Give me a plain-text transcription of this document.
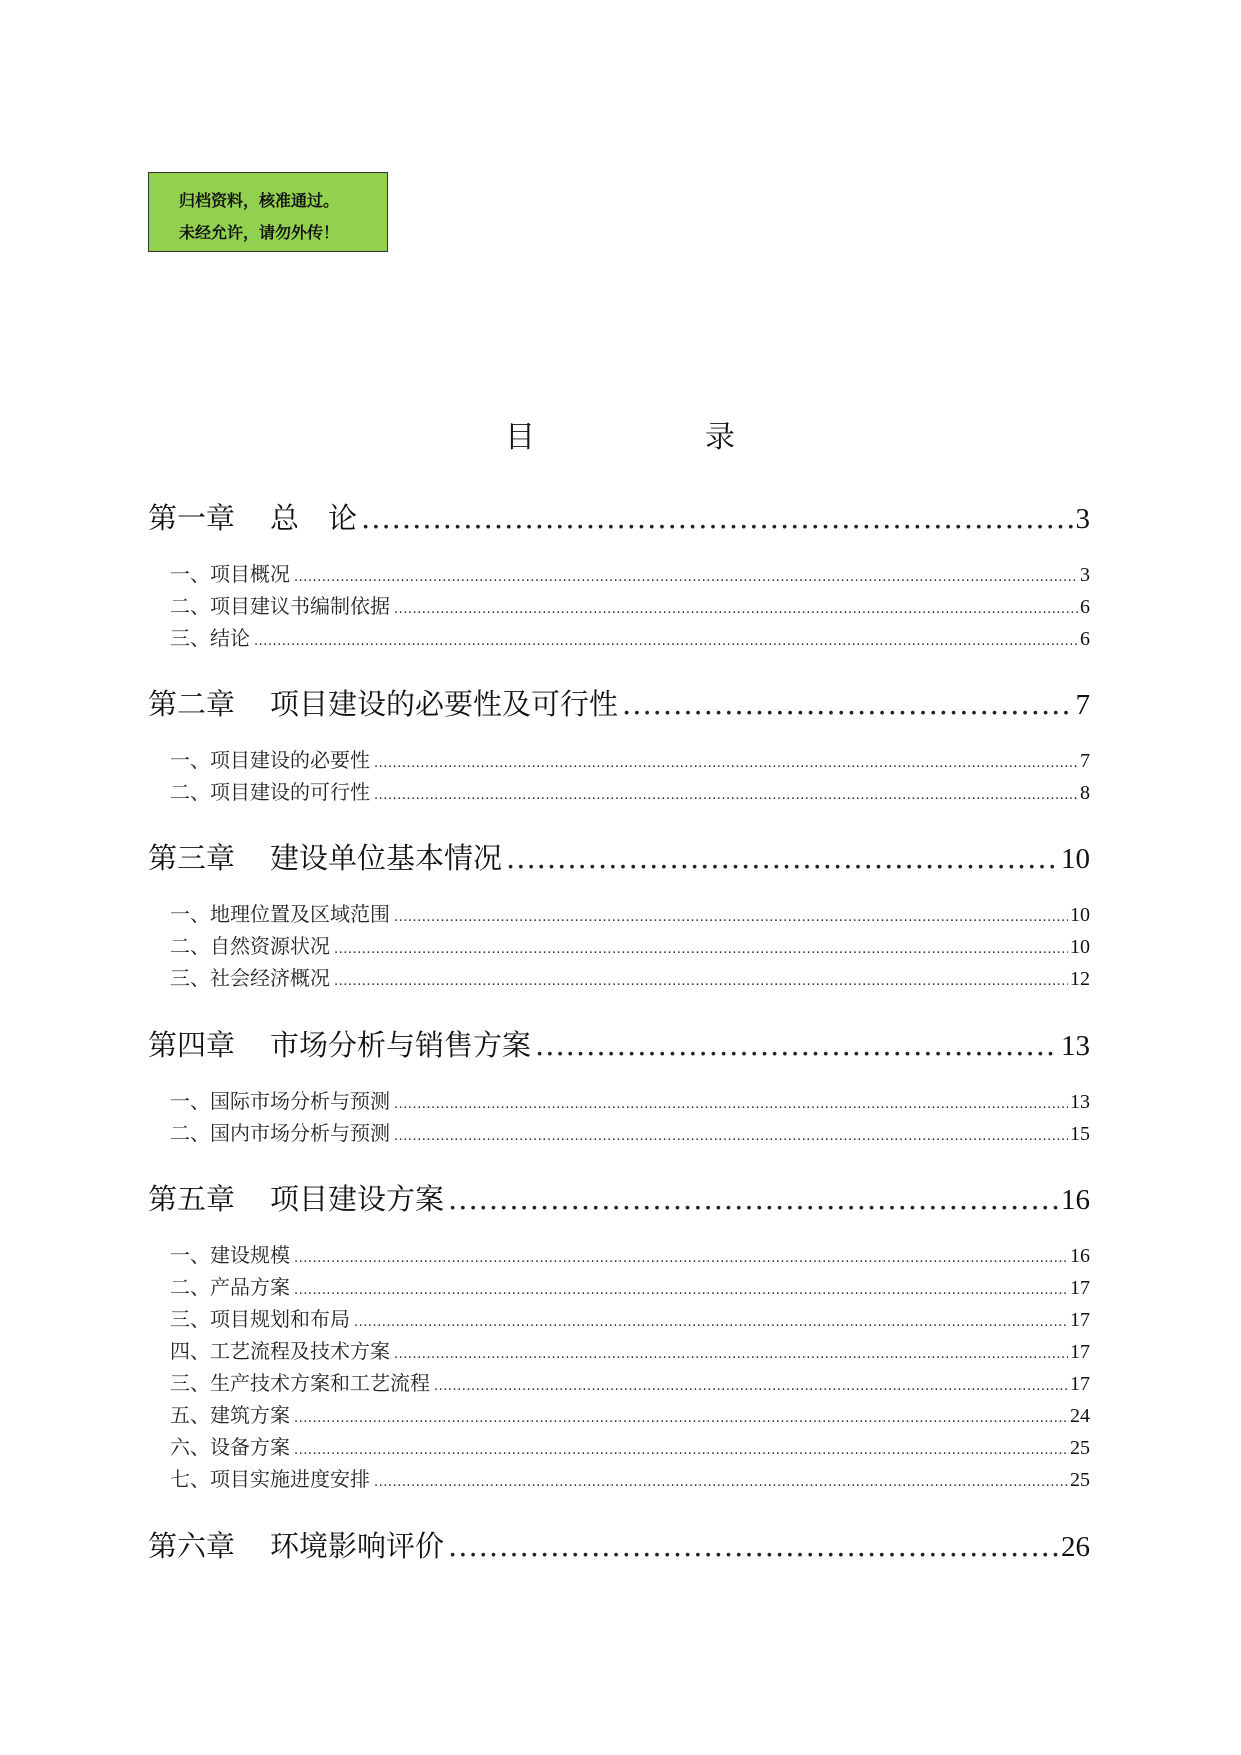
归档资料，核准通过。
未经允许，请勿外传！
目	录
第一章 总　论 .....	3
一、项目概况 .....	3
二、项目建议书编制依据 .....	6
三、结论 .....	6
第二章 项目建设的必要性及可行性 .....	7
一、项目建设的必要性 .....	7
二、项目建设的可行性 .....	8
第三章 建设单位基本情况 .....	10
一、地理位置及区域范围 .....	10
二、自然资源状况 .....	10
三、社会经济概况 .....	12
第四章 市场分析与销售方案 .....	13
一、国际市场分析与预测 .....	13
二、国内市场分析与预测 .....	15
第五章 项目建设方案 .....	16
一、建设规模 .....	16
二、产品方案 .....	17
三、项目规划和布局 .....	17
四、工艺流程及技术方案 .....	17
三、生产技术方案和工艺流程 .....	17
五、建筑方案 .....	24
六、设备方案 .....	25
七、项目实施进度安排 .....	25
第六章 环境影响评价 .....	26
